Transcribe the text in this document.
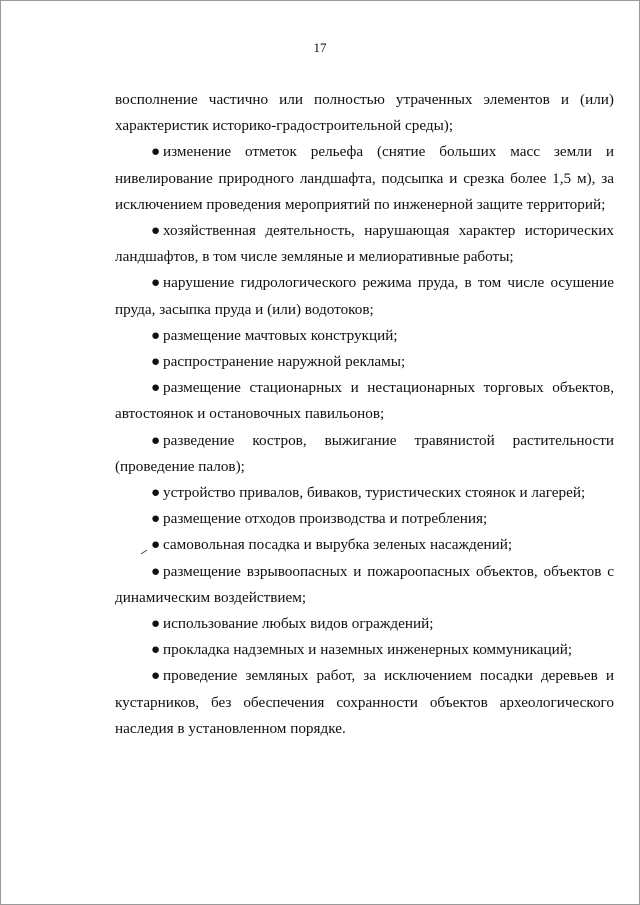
17

восполнение частично или полностью утраченных элементов и (или) характеристик историко-градостроительной среды);

● изменение отметок рельефа (снятие больших масс земли и нивелирование природного ландшафта, подсыпка и срезка более 1,5 м), за исключением проведения мероприятий по инженерной защите территорий;

● хозяйственная деятельность, нарушающая характер исторических ландшафтов, в том числе земляные и мелиоративные работы;

● нарушение гидрологического режима пруда, в том числе осушение пруда, засыпка пруда и (или) водотоков;

● размещение мачтовых конструкций;

● распространение наружной рекламы;

● размещение стационарных и нестационарных торговых объектов, автостоянок и остановочных павильонов;

● разведение костров, выжигание травянистой растительности (проведение палов);

● устройство привалов, биваков, туристических стоянок и лагерей;

● размещение отходов производства и потребления;

● самовольная посадка и вырубка зеленых насаждений;

● размещение взрывоопасных и пожароопасных объектов, объектов с динамическим воздействием;

● использование любых видов ограждений;

● прокладка надземных и наземных инженерных коммуникаций;

● проведение земляных работ, за исключением посадки деревьев и кустарников, без обеспечения сохранности объектов археологического наследия в установленном порядке.
